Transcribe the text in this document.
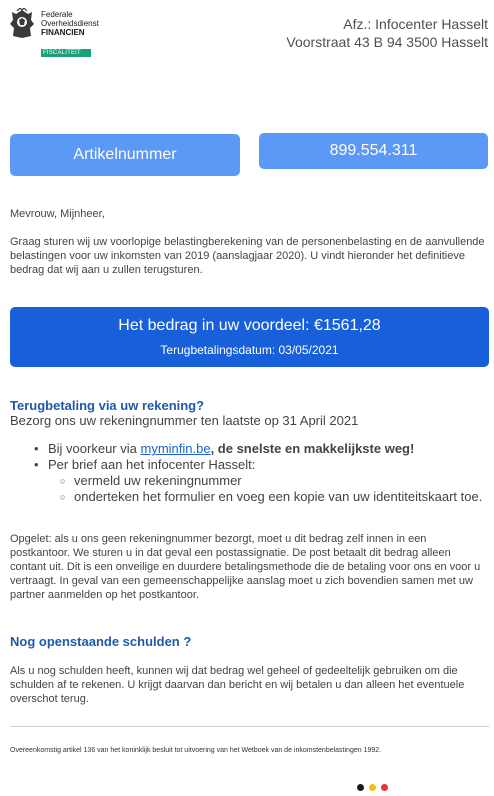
Federale
Overheidsdienst
FINANCIEN
FISCALITEIT
Afz.: Infocenter Hasselt
Voorstraat 43 B 94 3500 Hasselt
Artikelnummer	899.554.311
Mevrouw, Mijnheer,
Graag sturen wij uw voorlopige belastingberekening van de personenbelasting en de aanvullende belastingen voor uw inkomsten van 2019 (aanslagjaar 2020). U vindt hieronder het definitieve bedrag dat wij aan u zullen terugsturen.
Het bedrag in uw voordeel: €1561,28
Terugbetalingsdatum: 03/05/2021
Terugbetaling via uw rekening?
Bezorg ons uw rekeningnummer ten laatste op 31 April 2021
• Bij voorkeur via myminfin.be, de snelste en makkelijkste weg!
• Per brief aan het infocenter Hasselt:
○ vermeld uw rekeningnummer
○ onderteken het formulier en voeg een kopie van uw identiteitskaart toe.
Opgelet: als u ons geen rekeningnummer bezorgt, moet u dit bedrag zelf innen in een postkantoor. We sturen u in dat geval een postassignatie. De post betaalt dit bedrag alleen contant uit. Dit is een onveilige en duurdere betalingsmethode die de betaling voor ons en voor u vertraagt. In geval van een gemeenschappelijke aanslag moet u zich bovendien samen met uw partner aanmelden op het postkantoor.
Nog openstaande schulden ?
Als u nog schulden heeft, kunnen wij dat bedrag wel geheel of gedeeltelijk gebruiken om die schulden af te rekenen. U krijgt daarvan dan bericht en wij betalen u dan alleen het eventuele overschot terug.
Overeenkomstig artikel 136 van het koninklijk besluit tot uitvoering van het Wetboek van de inkomstenbelastingen 1992.
